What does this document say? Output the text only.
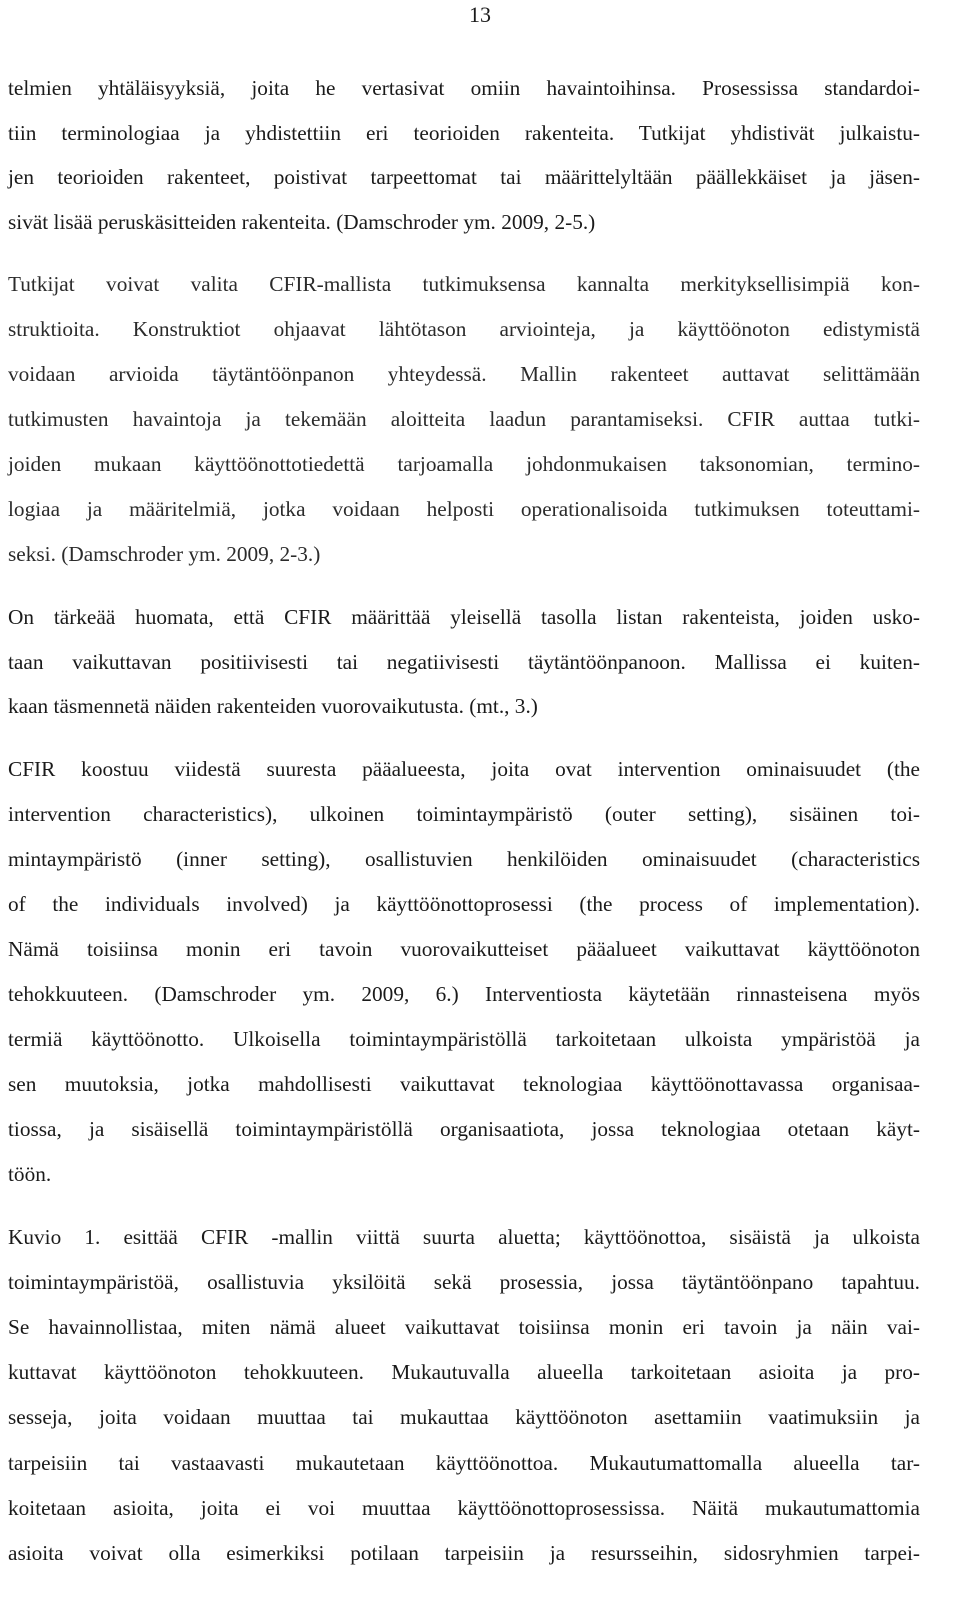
13

telmien yhtäläisyyksiä, joita he vertasivat omiin havaintoihinsa. Prosessissa standardoi-
tiin terminologiaa ja yhdistettiin eri teorioiden rakenteita. Tutkijat yhdistivät julkaistu-
jen teorioiden rakenteet, poistivat tarpeettomat tai määrittelyltään päällekkäiset ja jäsen-
sivät lisää peruskäsitteiden rakenteita. (Damschroder ym. 2009, 2-5.)

Tutkijat voivat valita CFIR-mallista tutkimuksensa kannalta merkityksellisimpiä kon-
struktioita. Konstruktiot ohjaavat lähtötason arviointeja, ja käyttöönoton edistymistä
voidaan arvioida täytäntöönpanon yhteydessä. Mallin rakenteet auttavat selittämään
tutkimusten havaintoja ja tekemään aloitteita laadun parantamiseksi. CFIR auttaa tutki-
joiden mukaan käyttöönottotiedettä tarjoamalla johdonmukaisen taksonomian, termino-
logiaa ja määritelmiä, jotka voidaan helposti operationalisoida tutkimuksen toteuttami-
seksi. (Damschroder ym. 2009, 2-3.)

On tärkeää huomata, että CFIR määrittää yleisellä tasolla listan rakenteista, joiden usko-
taan vaikuttavan positiivisesti tai negatiivisesti täytäntöönpanoon. Mallissa ei kuiten-
kaan täsmennetä näiden rakenteiden vuorovaikutusta. (mt., 3.)

CFIR koostuu viidestä suuresta pääalueesta, joita ovat intervention ominaisuudet (the
intervention characteristics), ulkoinen toimintaympäristö (outer setting), sisäinen toi-
mintaympäristö (inner setting), osallistuvien henkilöiden ominaisuudet (characteristics
of the individuals involved) ja käyttöönottoprosessi (the process of implementation).
Nämä toisiinsa monin eri tavoin vuorovaikutteiset pääalueet vaikuttavat käyttöönoton
tehokkuuteen. (Damschroder ym. 2009, 6.) Interventiosta käytetään rinnasteisena myös
termiä käyttöönotto. Ulkoisella toimintaympäristöllä tarkoitetaan ulkoista ympäristöä ja
sen muutoksia, jotka mahdollisesti vaikuttavat teknologiaa käyttöönottavassa organisaa-
tiossa, ja sisäisellä toimintaympäristöllä organisaatiota, jossa teknologiaa otetaan käyt-
töön.

Kuvio 1. esittää CFIR -mallin viittä suurta aluetta; käyttöönottoa, sisäistä ja ulkoista
toimintaympäristöä, osallistuvia yksilöitä sekä prosessia, jossa täytäntöönpano tapahtuu.
Se havainnollistaa, miten nämä alueet vaikuttavat toisiinsa monin eri tavoin ja näin vai-
kuttavat käyttöönoton tehokkuuteen. Mukautuvalla alueella tarkoitetaan asioita ja pro-
sesseja, joita voidaan muuttaa tai mukauttaa käyttöönoton asettamiin vaatimuksiin ja
tarpeisiin tai vastaavasti mukautetaan käyttöönottoa. Mukautumattomalla alueella tar-
koitetaan asioita, joita ei voi muuttaa käyttöönottoprosessissa. Näitä mukautumattomia
asioita voivat olla esimerkiksi potilaan tarpeisiin ja resursseihin, sidosryhmien tarpei-
